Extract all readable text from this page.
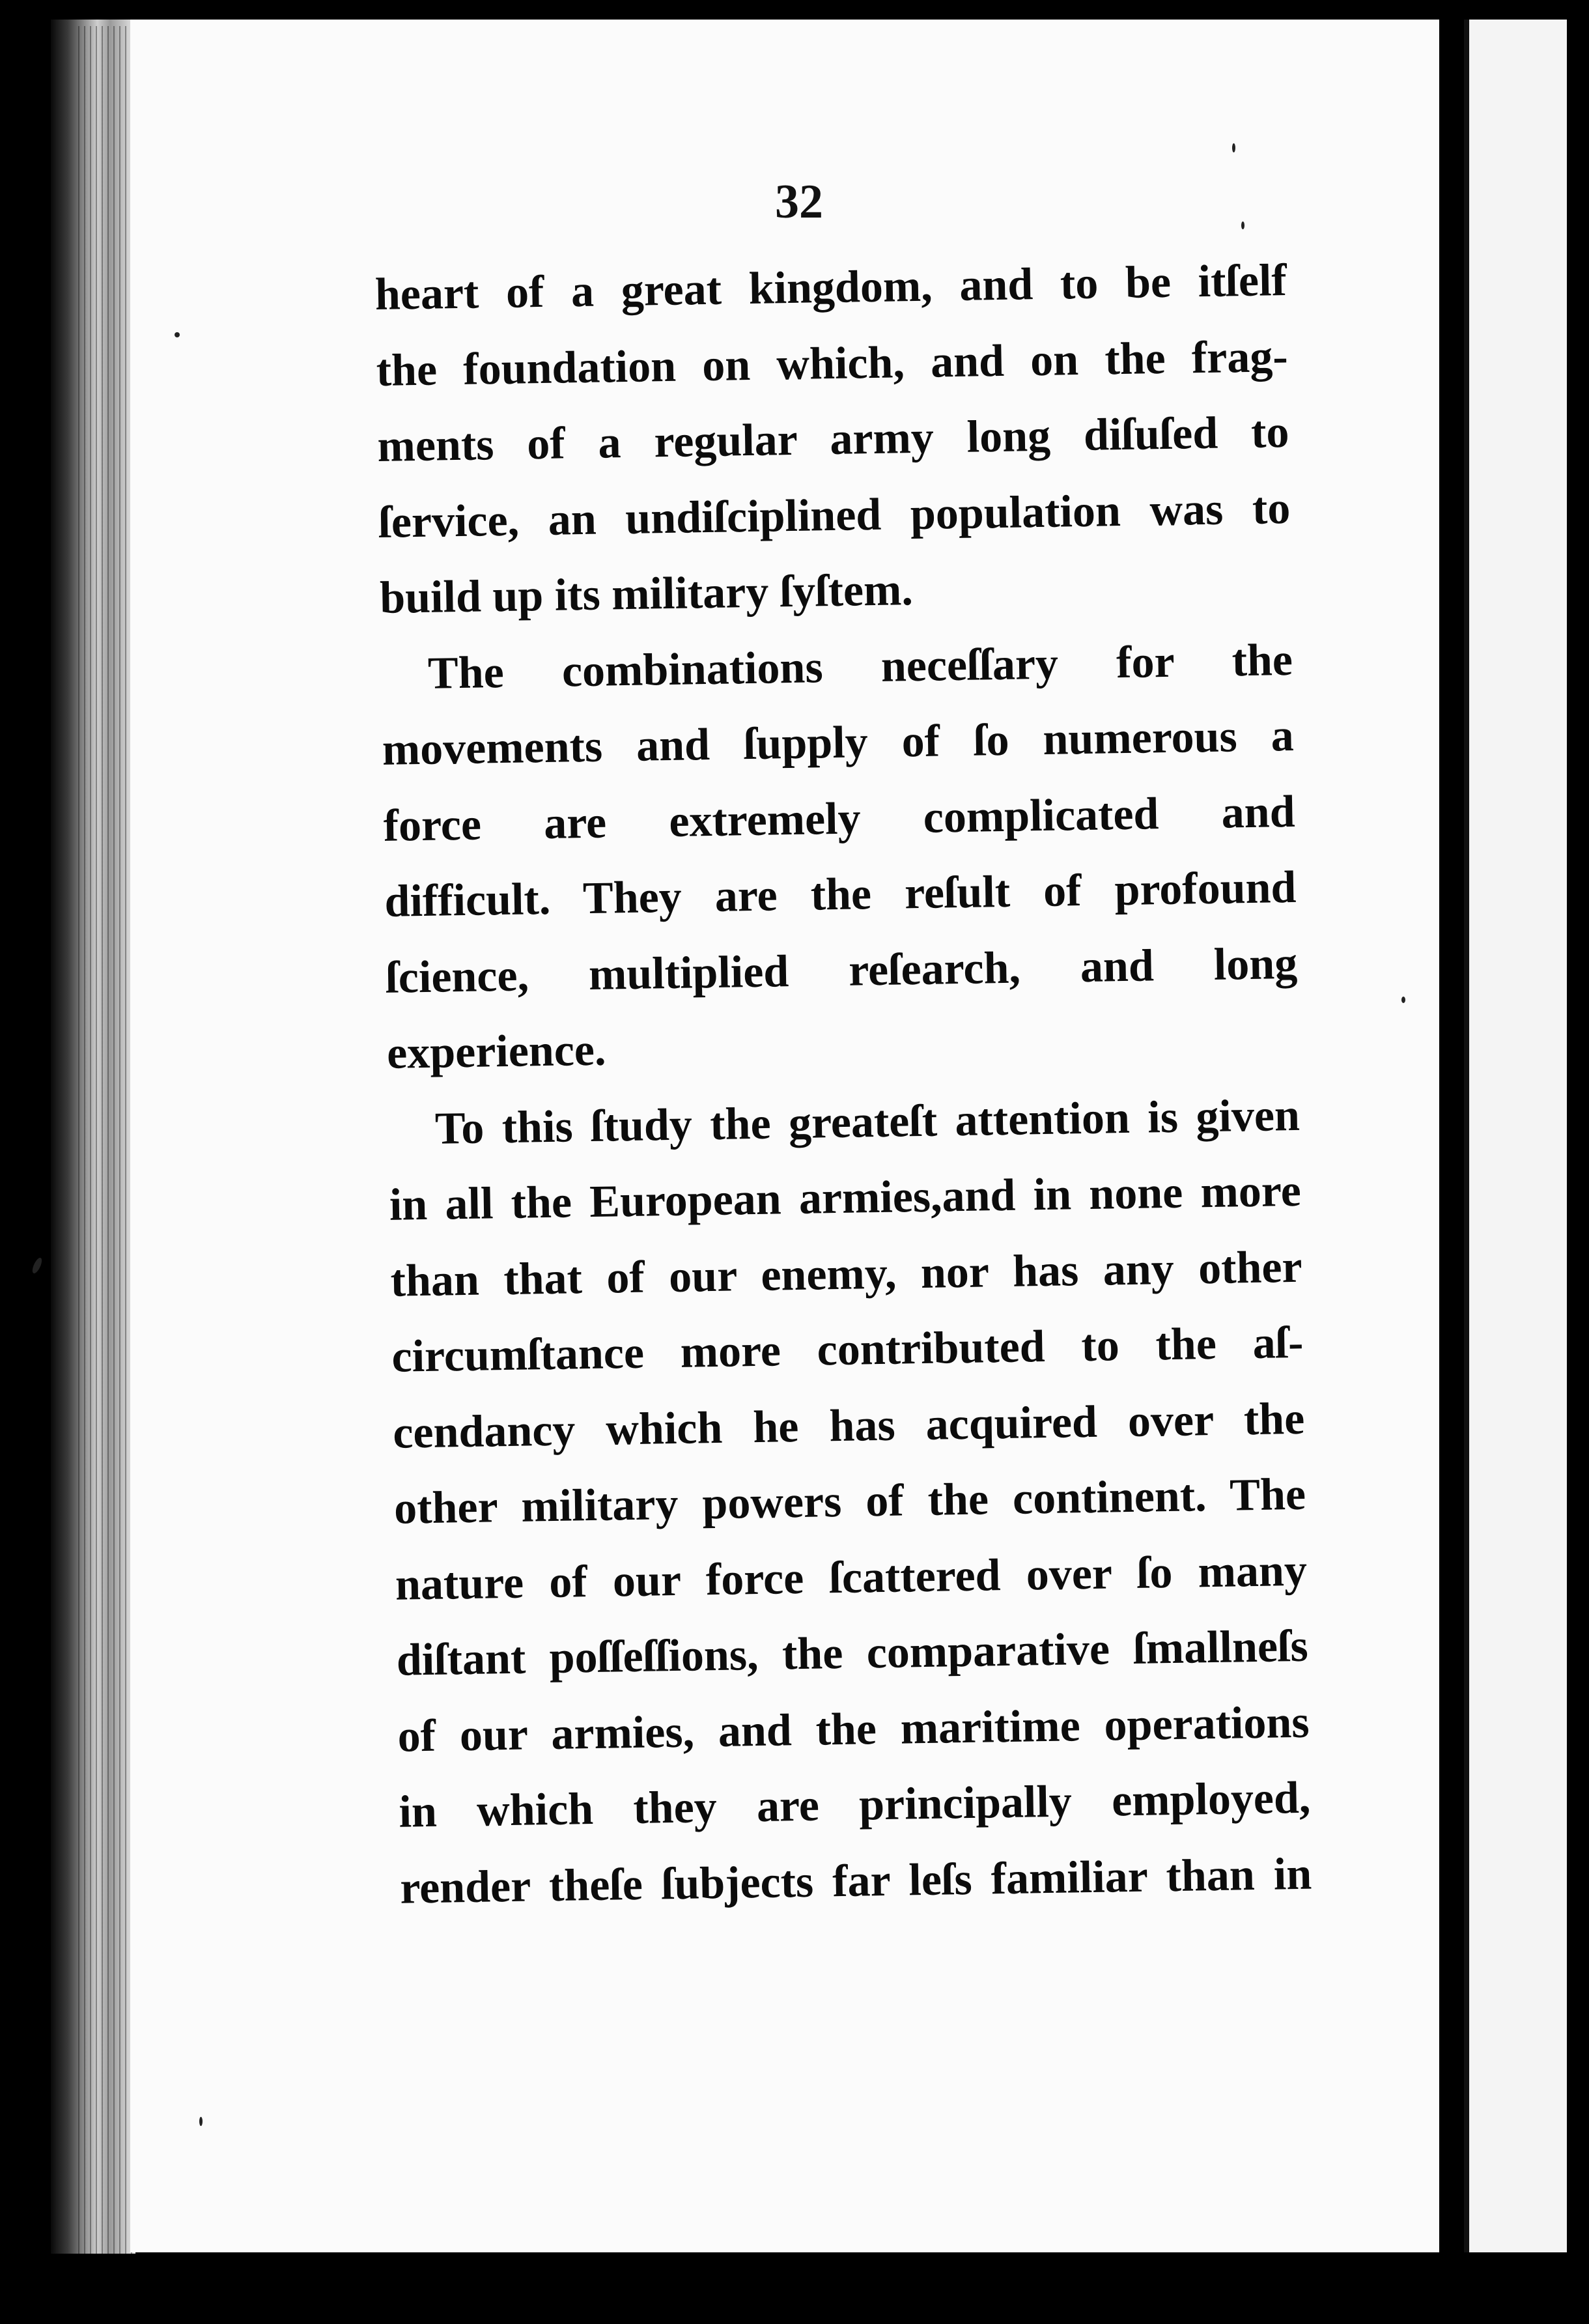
32
heart of a great kingdom, and to be itſelf
the foundation on which, and on the frag-
ments of a regular army long diſuſed to
ſervice, an undiſciplined population was to
build up its military ſyſtem.
The combinations neceſſary for the
movements and ſupply of ſo numerous a
force are extremely complicated and
difficult. They are the reſult of profound
ſcience, multiplied reſearch, and long
experience.
To this ſtudy the greateſt attention is given
in all the European armies,and in none more
than that of our enemy, nor has any other
circumſtance more contributed to the aſ-
cendancy which he has acquired over the
other military powers of the continent. The
nature of our force ſcattered over ſo many
diſtant poſſeſſions, the comparative ſmallneſs
of our armies, and the maritime operations
in which they are principally employed,
render theſe ſubjects far leſs familiar than in
